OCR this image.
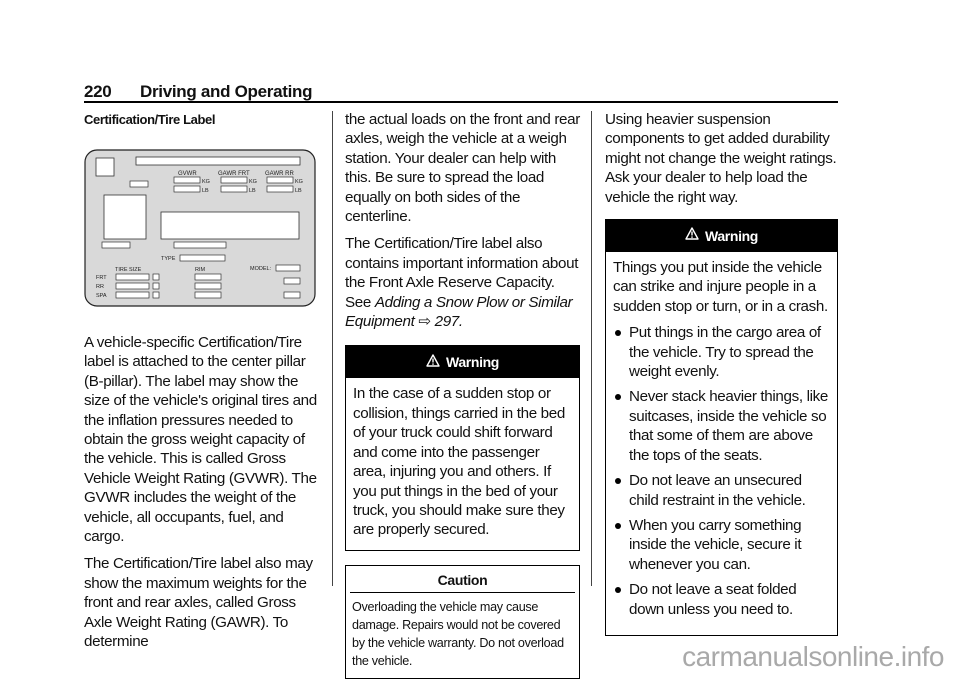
220 Driving and Operating
Certification/Tire Label
GVWR	GAWR FRT	GAWR RR
KG
LB
KG
LB
KG
LB
TYPE
MODEL:
TIRE SIZE	RIM
FRT
RR
SPA

A vehicle-specific Certification/Tire label is attached to the center pillar (B-pillar). The label may show the size of the vehicle's original tires and the inflation pressures needed to obtain the gross weight capacity of the vehicle. This is called Gross Vehicle Weight Rating (GVWR). The GVWR includes the weight of the vehicle, all occupants, fuel, and cargo.

The Certification/Tire label also may show the maximum weights for the front and rear axles, called Gross Axle Weight Rating (GAWR). To determine

the actual loads on the front and rear axles, weigh the vehicle at a weigh station. Your dealer can help with this. Be sure to spread the load equally on both sides of the centerline.

The Certification/Tire label also contains important information about the Front Axle Reserve Capacity. See Adding a Snow Plow or Similar Equipment ⇨ 297.

Warning
In the case of a sudden stop or collision, things carried in the bed of your truck could shift forward and come into the passenger area, injuring you and others. If you put things in the bed of your truck, you should make sure they are properly secured.
Caution
Overloading the vehicle may cause damage. Repairs would not be covered by the vehicle warranty. Do not overload the vehicle.

Using heavier suspension components to get added durability might not change the weight ratings. Ask your dealer to help load the vehicle the right way.

Warning
Things you put inside the vehicle can strike and injure people in a sudden stop or turn, or in a crash.
Put things in the cargo area of the vehicle. Try to spread the weight evenly.
Never stack heavier things, like suitcases, inside the vehicle so that some of them are above the tops of the seats.
Do not leave an unsecured child restraint in the vehicle.
When you carry something inside the vehicle, secure it whenever you can.
Do not leave a seat folded down unless you need to.
carmanualsonline.info
